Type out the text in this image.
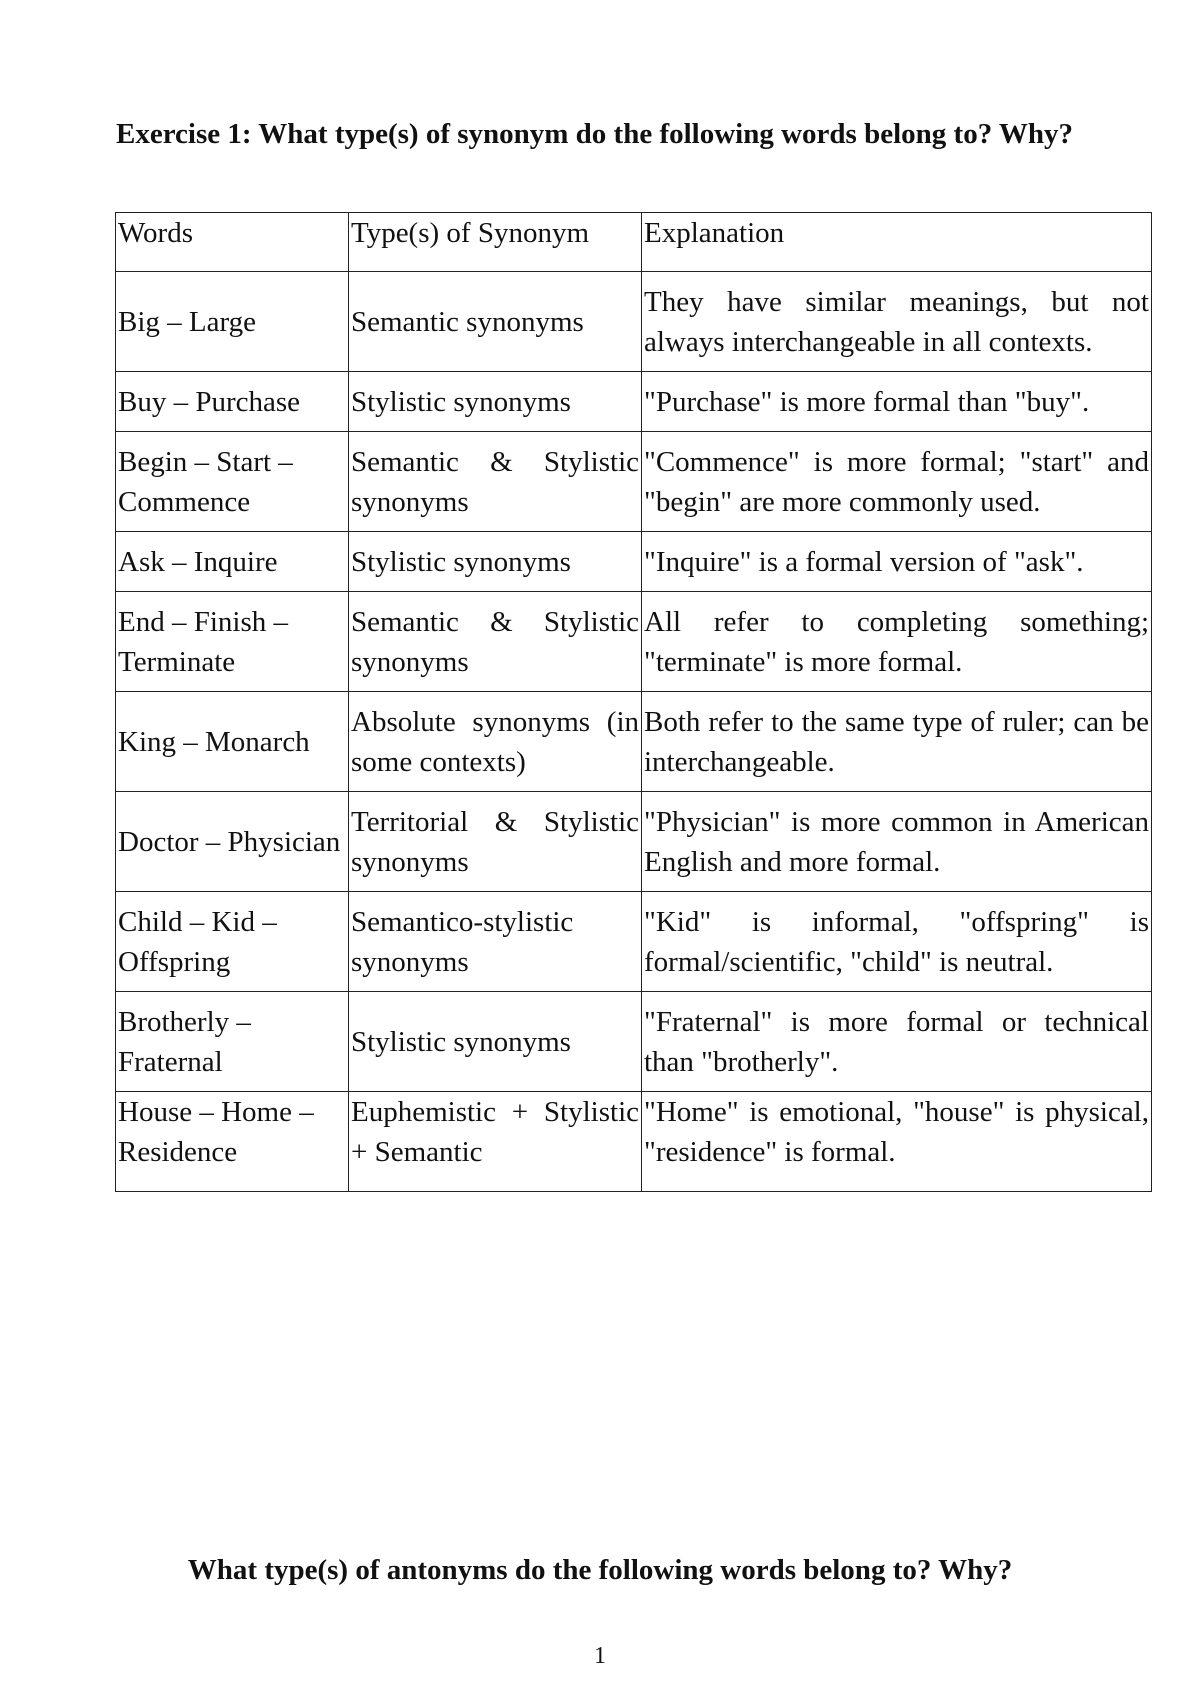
Exercise 1: What type(s) of synonym do the following words belong to? Why?
Words	Type(s) of Synonym	Explanation
Big – Large	Semantic synonyms	They have similar meanings, but not always interchangeable in all contexts.
Buy – Purchase	Stylistic synonyms	"Purchase" is more formal than "buy".
Begin – Start – Commence	Semantic & Stylistic synonyms	"Commence" is more formal; "start" and "begin" are more commonly used.
Ask – Inquire	Stylistic synonyms	"Inquire" is a formal version of "ask".
End – Finish – Terminate	Semantic & Stylistic synonyms	All refer to completing something; "terminate" is more formal.
King – Monarch	Absolute synonyms (in some contexts)	Both refer to the same type of ruler; can be interchangeable.
Doctor – Physician	Territorial & Stylistic synonyms	"Physician" is more common in American English and more formal.
Child – Kid – Offspring	Semantico-stylistic synonyms	"Kid" is informal, "offspring" is formal/scientific, "child" is neutral.
Brotherly – Fraternal	Stylistic synonyms	"Fraternal" is more formal or technical than "brotherly".
House – Home – Residence	Euphemistic + Stylistic + Semantic	"Home" is emotional, "house" is physical, "residence" is formal.
What type(s) of antonyms do the following words belong to? Why?
1
